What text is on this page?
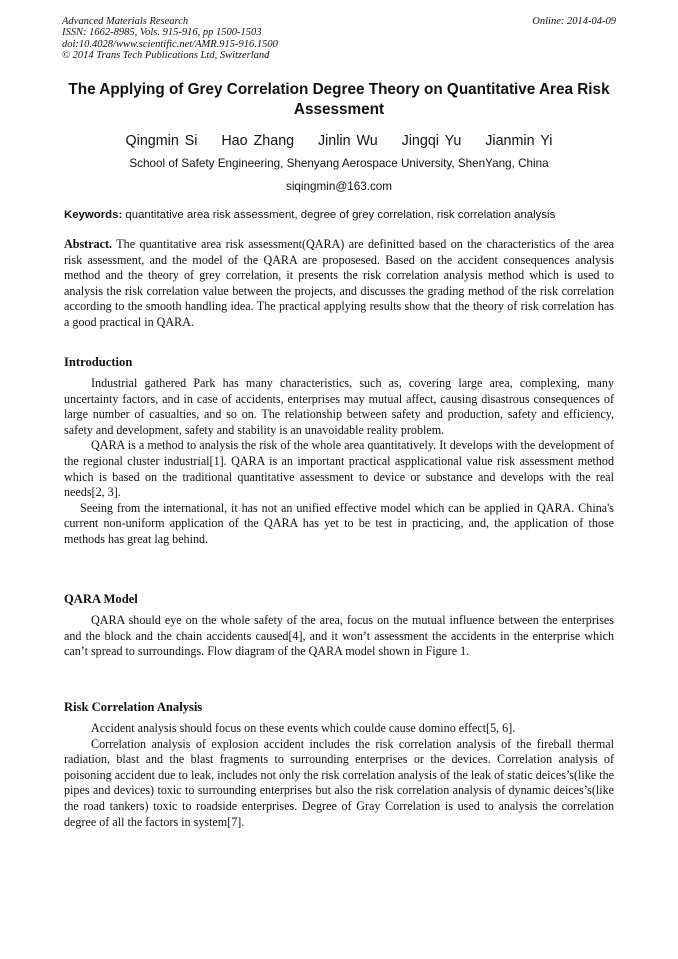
Advanced Materials Research
ISSN: 1662-8985, Vols. 915-916, pp 1500-1503
doi:10.4028/www.scientific.net/AMR.915-916.1500
© 2014 Trans Tech Publications Ltd, Switzerland
Online: 2014-04-09
The Applying of Grey Correlation Degree Theory on Quantitative Area Risk Assessment
Qingmin Si    Hao Zhang    Jinlin Wu    Jingqi Yu    Jianmin Yi
School of Safety Engineering, Shenyang Aerospace University, ShenYang, China
siqingmin@163.com
Keywords: quantitative area risk assessment, degree of grey correlation, risk correlation analysis

Abstract. The quantitative area risk assessment(QARA) are definitted based on the characteristics of the area risk assessment, and the model of the QARA are proposesed. Based on the accident consequences analysis method and the theory of grey correlation, it presents the risk correlation analysis method which is used to analysis the risk correlation value between the projects, and discusses the grading method of the risk correlation according to the smooth handling idea. The practical applying results show that the theory of risk correlation has a good practical in QARA.

Introduction

Industrial gathered Park has many characteristics, such as, covering large area, complexing, many uncertainty factors, and in case of accidents, enterprises may mutual affect, causing disastrous consequences of large number of casualties, and so on. The relationship between safety and production, safety and efficiency, safety and development, safety and stability is an unavoidable reality problem.

QARA is a method to analysis the risk of the whole area quantitatively. It develops with the development of the regional cluster industrial[1]. QARA is an important practical aspplicational value risk assessment method which is based on the traditional quantitative assessment to device or substance and develops with the real needs[2, 3].

Seeing from the international, it has not an unified effective model which can be applied in QARA. China's current non-uniform application of the QARA has yet to be test in practicing, and, the application of those methods has great lag behind.

QARA Model

QARA should eye on the whole safety of the area, focus on the mutual influence between the enterprises and the block and the chain accidents caused[4], and it won’t assessment the accidents in the enterprise which can’t spread to surroundings. Flow diagram of the QARA model shown in Figure 1.

Risk Correlation Analysis

Accident analysis should focus on these events which coulde cause domino effect[5, 6].

Correlation analysis of explosion accident includes the risk correlation analysis of the fireball thermal radiation, blast and the blast fragments to surrounding enterprises or the devices. Correlation analysis of poisoning accident due to leak, includes not only the risk correlation analysis of the leak of static deices’s(like the pipes and devices) toxic to surrounding enterprises but also the risk correlation analysis of dynamic deices’s(like the road tankers) toxic to roadside enterprises. Degree of Gray Correlation is used to analysis the correlation degree of all the factors in system[7].
